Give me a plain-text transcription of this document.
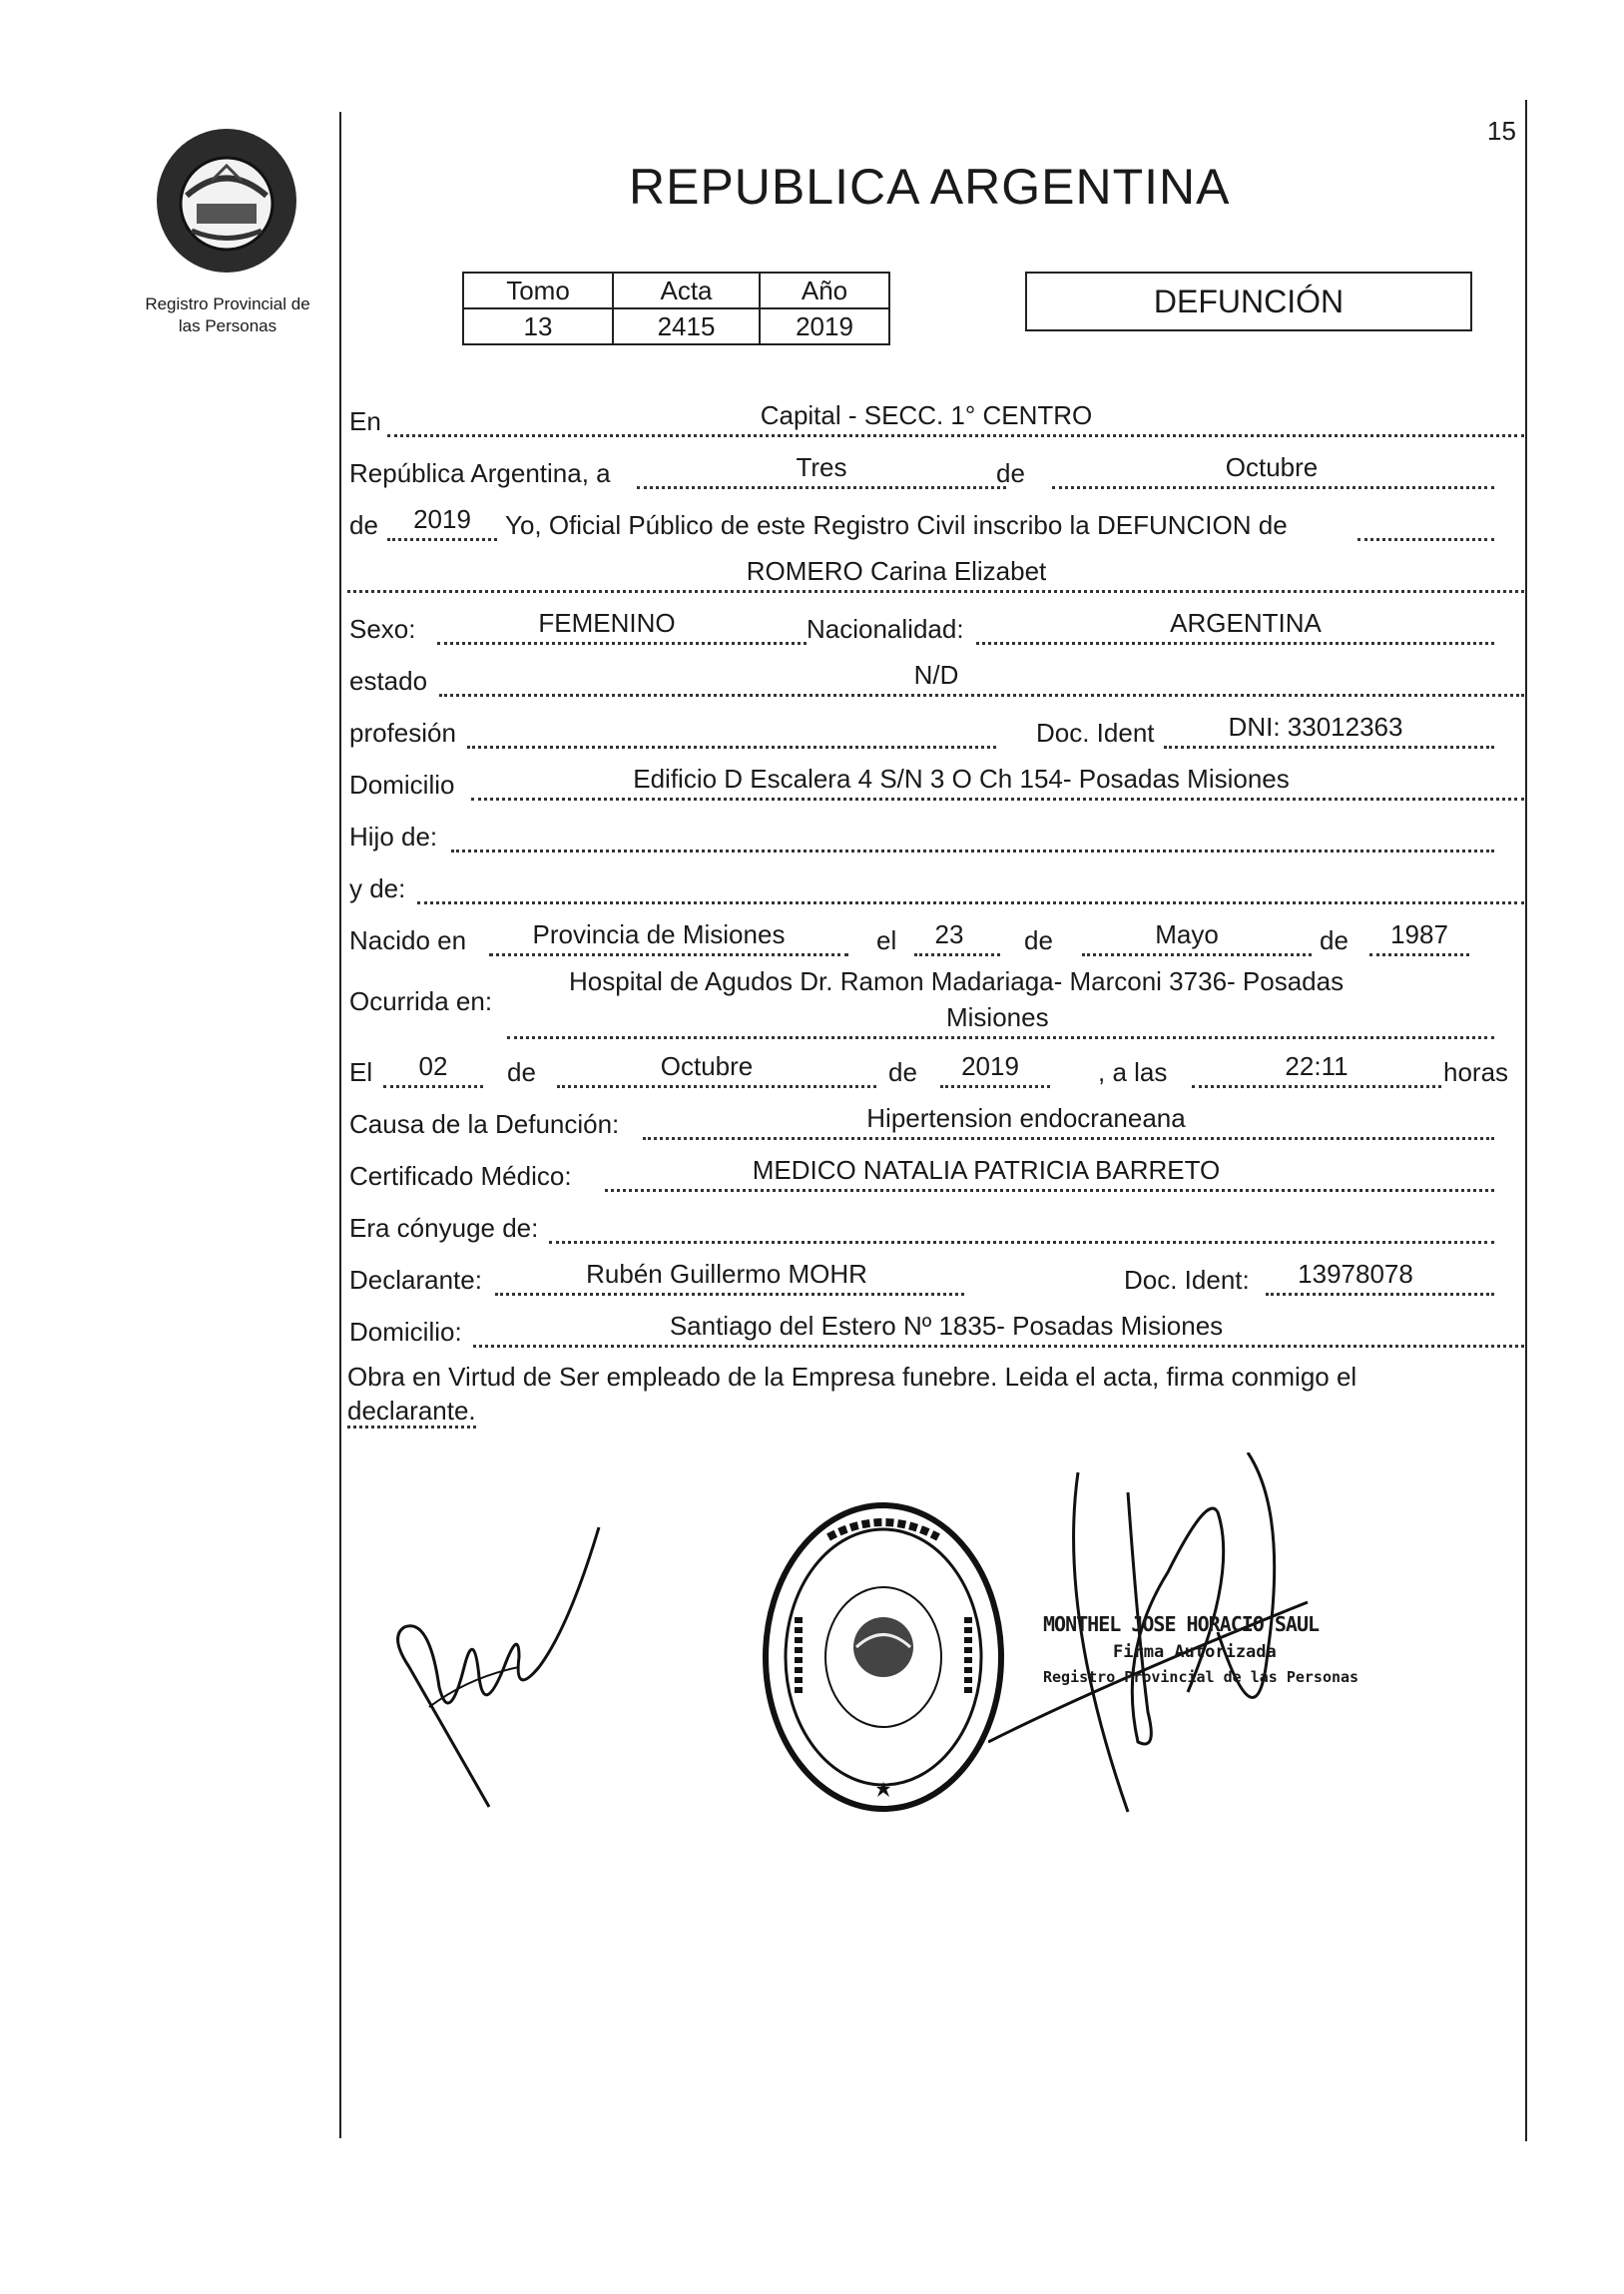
15
Registro Provincial de
las Personas
REPUBLICA ARGENTINA
Tomo	Acta	Año
13	2415	2019
DEFUNCIÓN
En	Capital - SECC. 1° CENTRO
República Argentina, a	Tres	de	Octubre
de	2019	Yo, Oficial Público de este Registro Civil inscribo la DEFUNCION de
ROMERO Carina Elizabet
Sexo:	FEMENINO	Nacionalidad:	ARGENTINA
estado	N/D
profesión	Doc. Ident	DNI: 33012363
Domicilio	Edificio D Escalera 4 S/N 3 O Ch 154- Posadas Misiones
Hijo de:
y de:
Nacido en	Provincia de Misiones	el	23	de	Mayo	de	1987
Ocurrida en:
Hospital de Agudos Dr. Ramon Madariaga- Marconi 3736- Posadas
Misiones
El	02	de	Octubre	de	2019	, a las	22:11	horas
Causa de la Defunción:	Hipertension endocraneana
Certificado Médico:	MEDICO NATALIA PATRICIA BARRETO
Era cónyuge de:
Declarante:	Rubén Guillermo MOHR	Doc. Ident:	13978078
Domicilio:	Santiago del Estero Nº 1835- Posadas Misiones
Obra en Virtud de Ser empleado de la Empresa funebre. Leida el acta, firma conmigo el
declarante.
MONTHEL JOSE HORACIO SAUL
Firma Autorizada
Registro Provincial de las Personas
